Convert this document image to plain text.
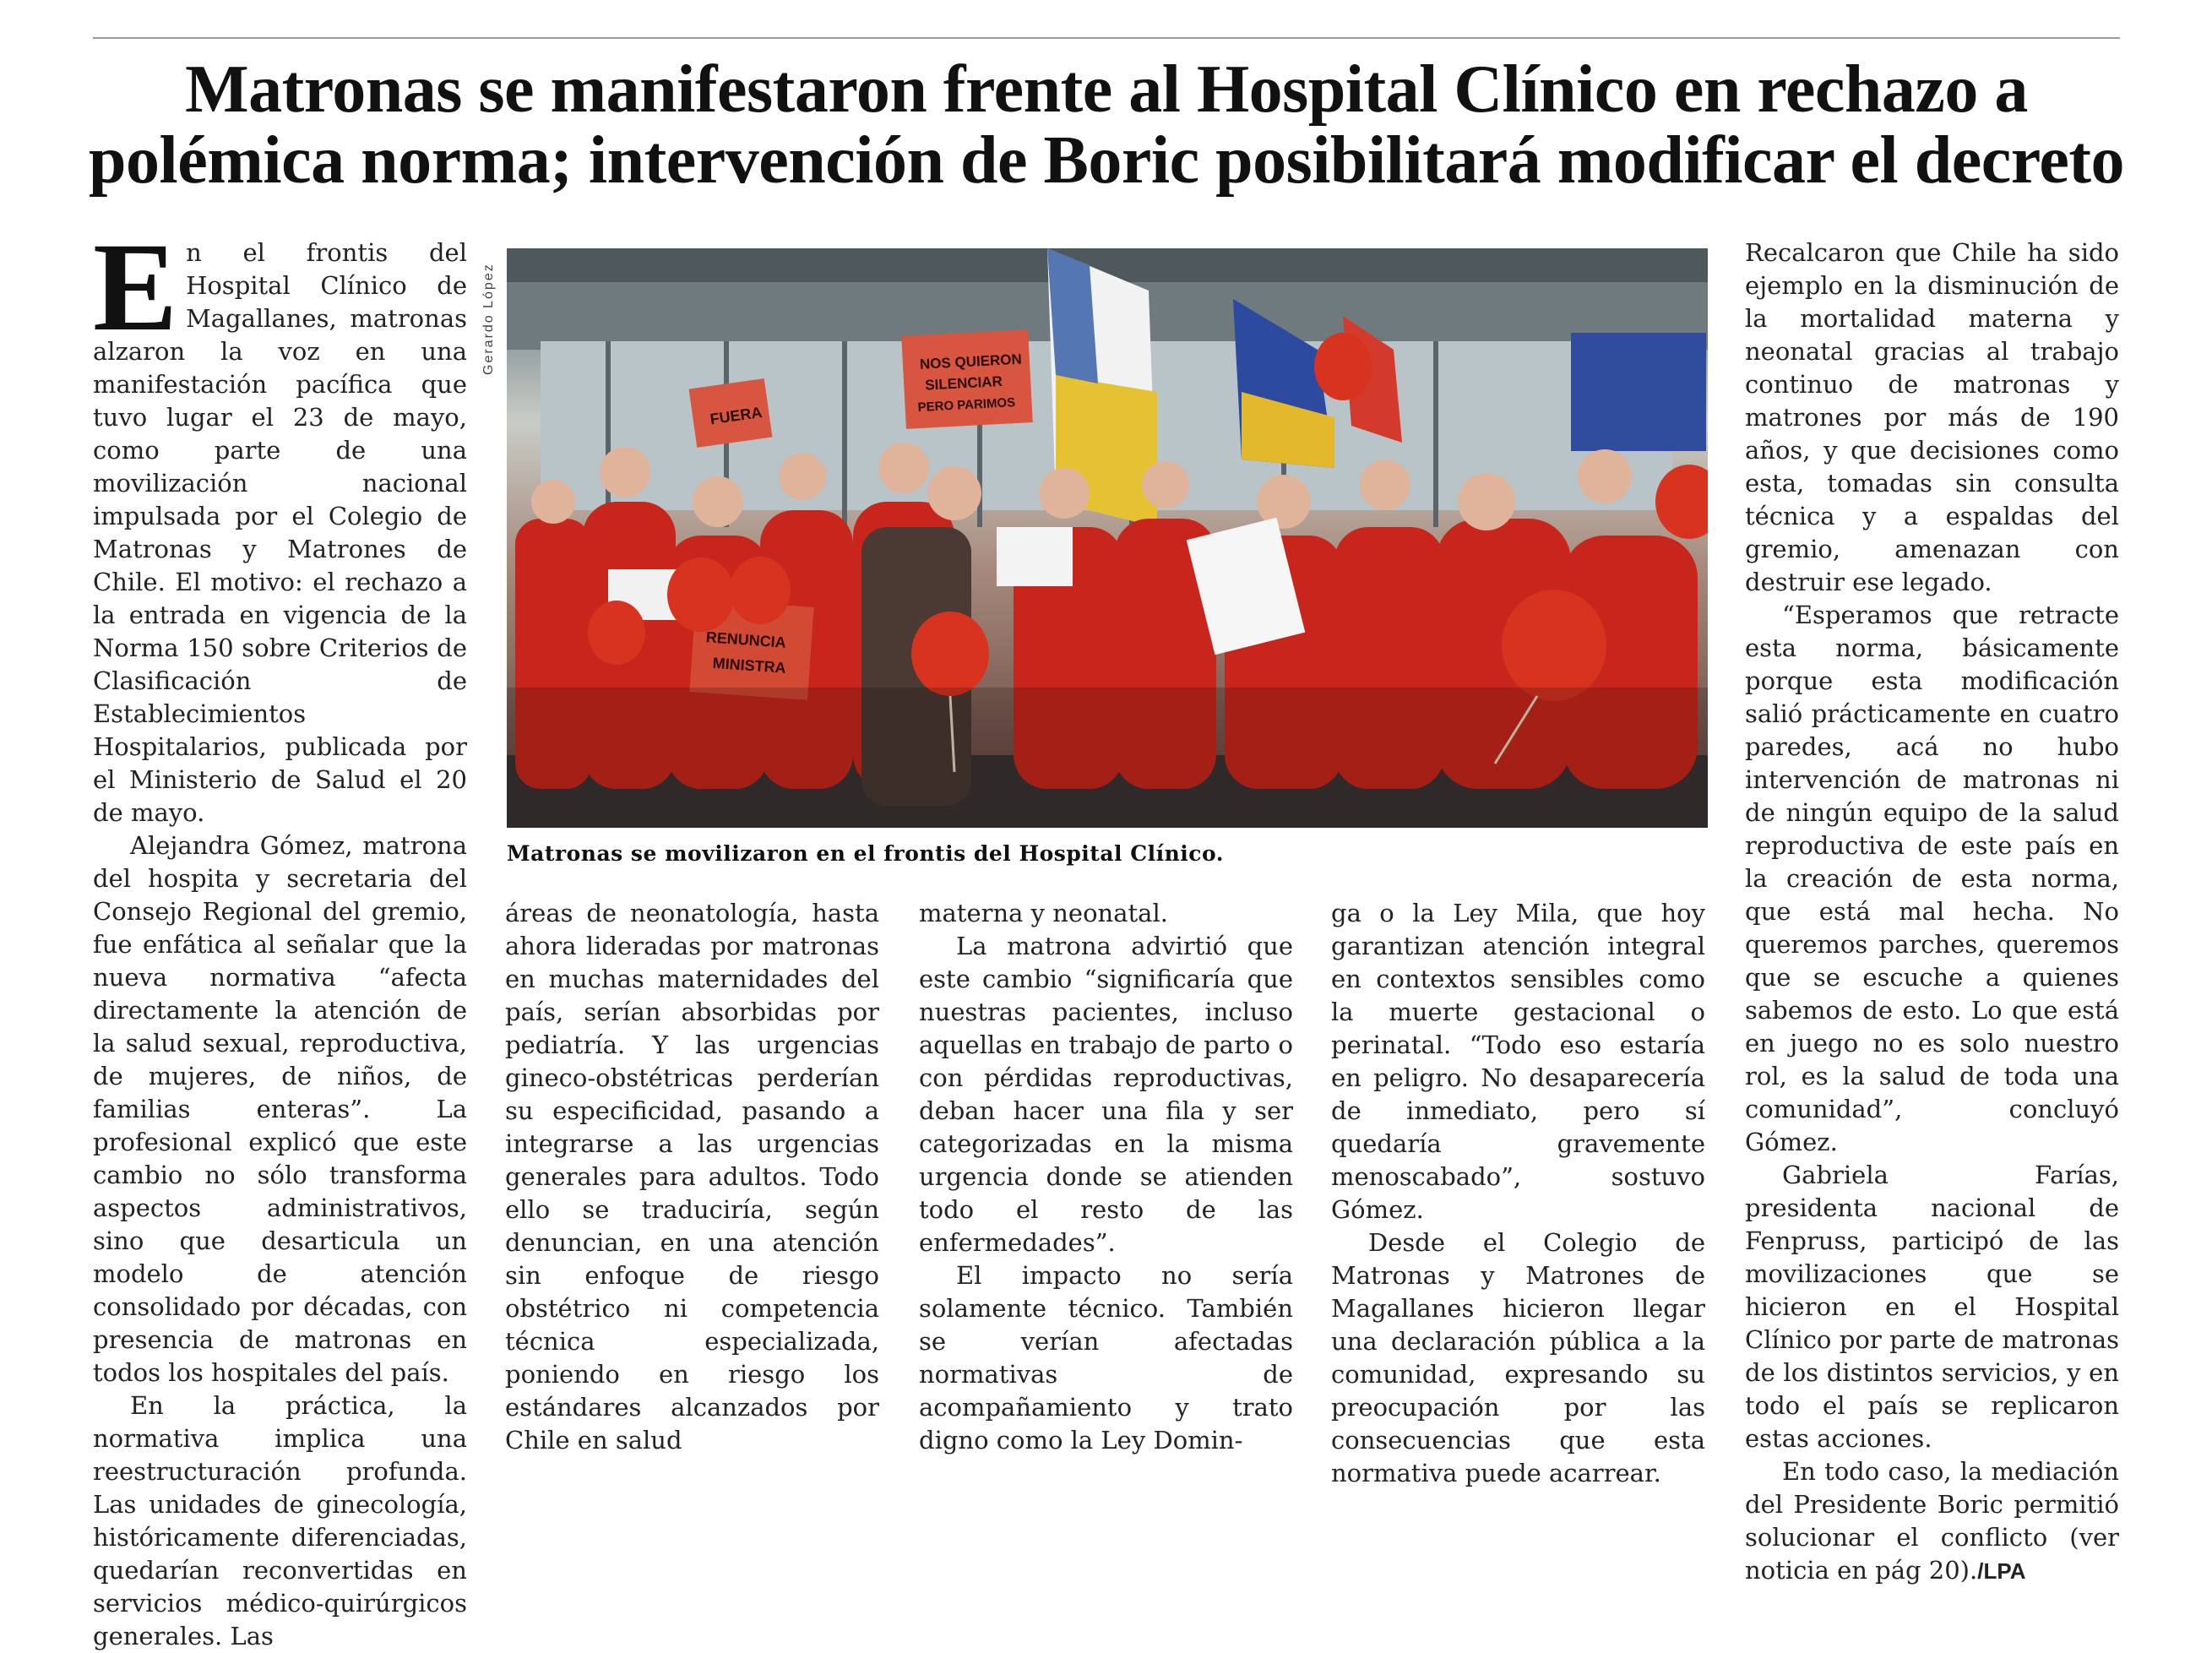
Matronas se manifestaron frente al Hospital Clínico en rechazo a
polémica norma; intervención de Boric posibilitará modificar el decreto

En el frontis del Hospital Clínico de Magallanes, matronas alzaron la voz en una manifestación pacífica que tuvo lugar el 23 de mayo, como parte de una movilización nacional impulsada por el Colegio de Matronas y Matrones de Chile. El motivo: el rechazo a la entrada en vigencia de la Norma 150 sobre Criterios de Clasificación de Establecimientos Hospitalarios, publicada por el Ministerio de Salud el 20 de mayo.

Alejandra Gómez, matrona del hospita y secretaria del Consejo Regional del gremio, fue enfática al señalar que la nueva normativa “afecta directamente la atención de la salud sexual, reproductiva, de mujeres, de niños, de familias enteras”. La profesional explicó que este cambio no sólo transforma aspectos administrativos, sino que desarticula un modelo de atención consolidado por décadas, con presencia de matronas en todos los hospitales del país.

En la práctica, la normativa implica una reestructuración profunda. Las unidades de ginecología, históricamente diferenciadas, quedarían reconvertidas en servicios médico-quirúrgicos generales. Las

Gerardo López	NOS QUIERON
SILENCIAR
PERO PARIMOS
FUERA
RENUNCIA
MINISTRA
Matronas se movilizaron en el frontis del Hospital Clínico.

áreas de neonatología, hasta ahora lideradas por matronas en muchas maternidades del país, serían absorbidas por pediatría. Y las urgencias gineco-obstétricas perderían su especificidad, pasando a integrarse a las urgencias generales para adultos. Todo ello se traduciría, según denuncian, en una atención sin enfoque de riesgo obstétrico ni competencia técnica especializada, poniendo en riesgo los estándares alcanzados por Chile en salud

materna y neonatal.

La matrona advirtió que este cambio “significaría que nuestras pacientes, incluso aquellas en trabajo de parto o con pérdidas reproductivas, deban hacer una fila y ser categorizadas en la misma urgencia donde se atienden todo el resto de las enfermedades”.

El impacto no sería solamente técnico. También se verían afectadas normativas de acompañamiento y trato digno como la Ley Domin-

ga o la Ley Mila, que hoy garantizan atención integral en contextos sensibles como la muerte gestacional o perinatal. “Todo eso estaría en peligro. No desaparecería de inmediato, pero sí quedaría gravemente menoscabado”, sostuvo Gómez.

Desde el Colegio de Matronas y Matrones de Magallanes hicieron llegar una declaración pública a la comunidad, expresando su preocupación por las consecuencias que esta normativa puede acarrear.

Recalcaron que Chile ha sido ejemplo en la disminución de la mortalidad materna y neonatal gracias al trabajo continuo de matronas y matrones por más de 190 años, y que decisiones como esta, tomadas sin consulta técnica y a espaldas del gremio, amenazan con destruir ese legado.

“Esperamos que retracte esta norma, básicamente porque esta modificación salió prácticamente en cuatro paredes, acá no hubo intervención de matronas ni de ningún equipo de la salud reproductiva de este país en la creación de esta norma, que está mal hecha. No queremos parches, queremos que se escuche a quienes sabemos de esto. Lo que está en juego no es solo nuestro rol, es la salud de toda una comunidad”, concluyó Gómez.

Gabriela Farías, presidenta nacional de Fenpruss, participó de las movilizaciones que se hicieron en el Hospital Clínico por parte de matronas de los distintos servicios, y en todo el país se replicaron estas acciones.

En todo caso, la mediación del Presidente Boric permitió solucionar el conflicto (ver noticia en pág 20)./LPA
